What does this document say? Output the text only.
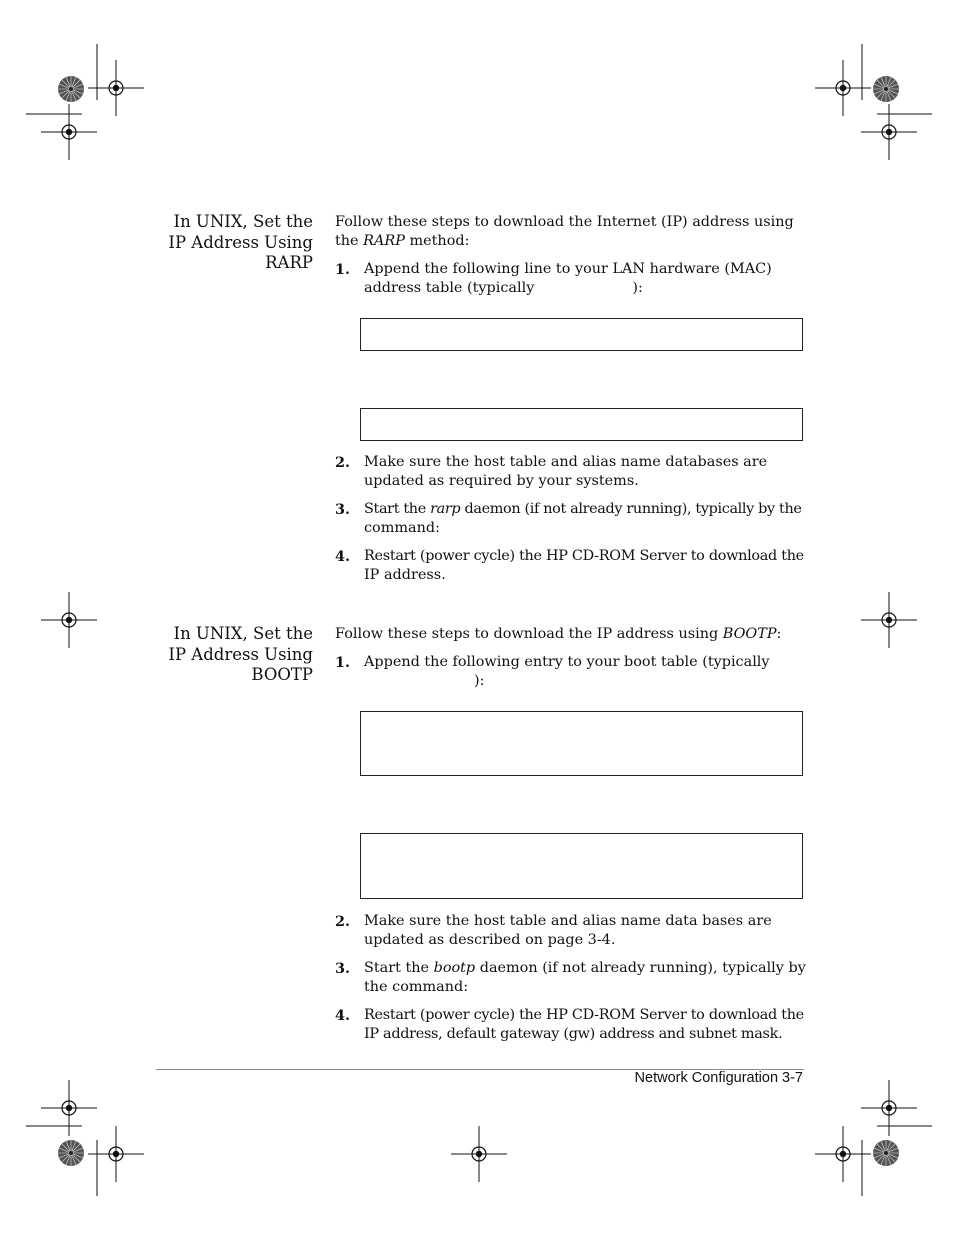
In UNIX, Set the
IP Address Using
RARP
Follow these steps to download the Internet (IP) address using
the RARP method:
1. Append the following line to your LAN hardware (MAC)
address table (typically	):
2. Make sure the host table and alias name databases are
updated as required by your systems.
3. Start the rarp daemon (if not already running), typically by the
command:
4. Restart (power cycle) the HP CD-ROM Server to download the
IP address.
In UNIX, Set the
IP Address Using
BOOTP
Follow these steps to download the IP address using BOOTP:
1. Append the following entry to your boot table (typically
):
2. Make sure the host table and alias name data bases are
updated as described on page 3-4.
3. Start the bootp daemon (if not already running), typically by
the command:
4. Restart (power cycle) the HP CD-ROM Server to download the
IP address, default gateway (gw) address and subnet mask.
Network Configuration 3-7
